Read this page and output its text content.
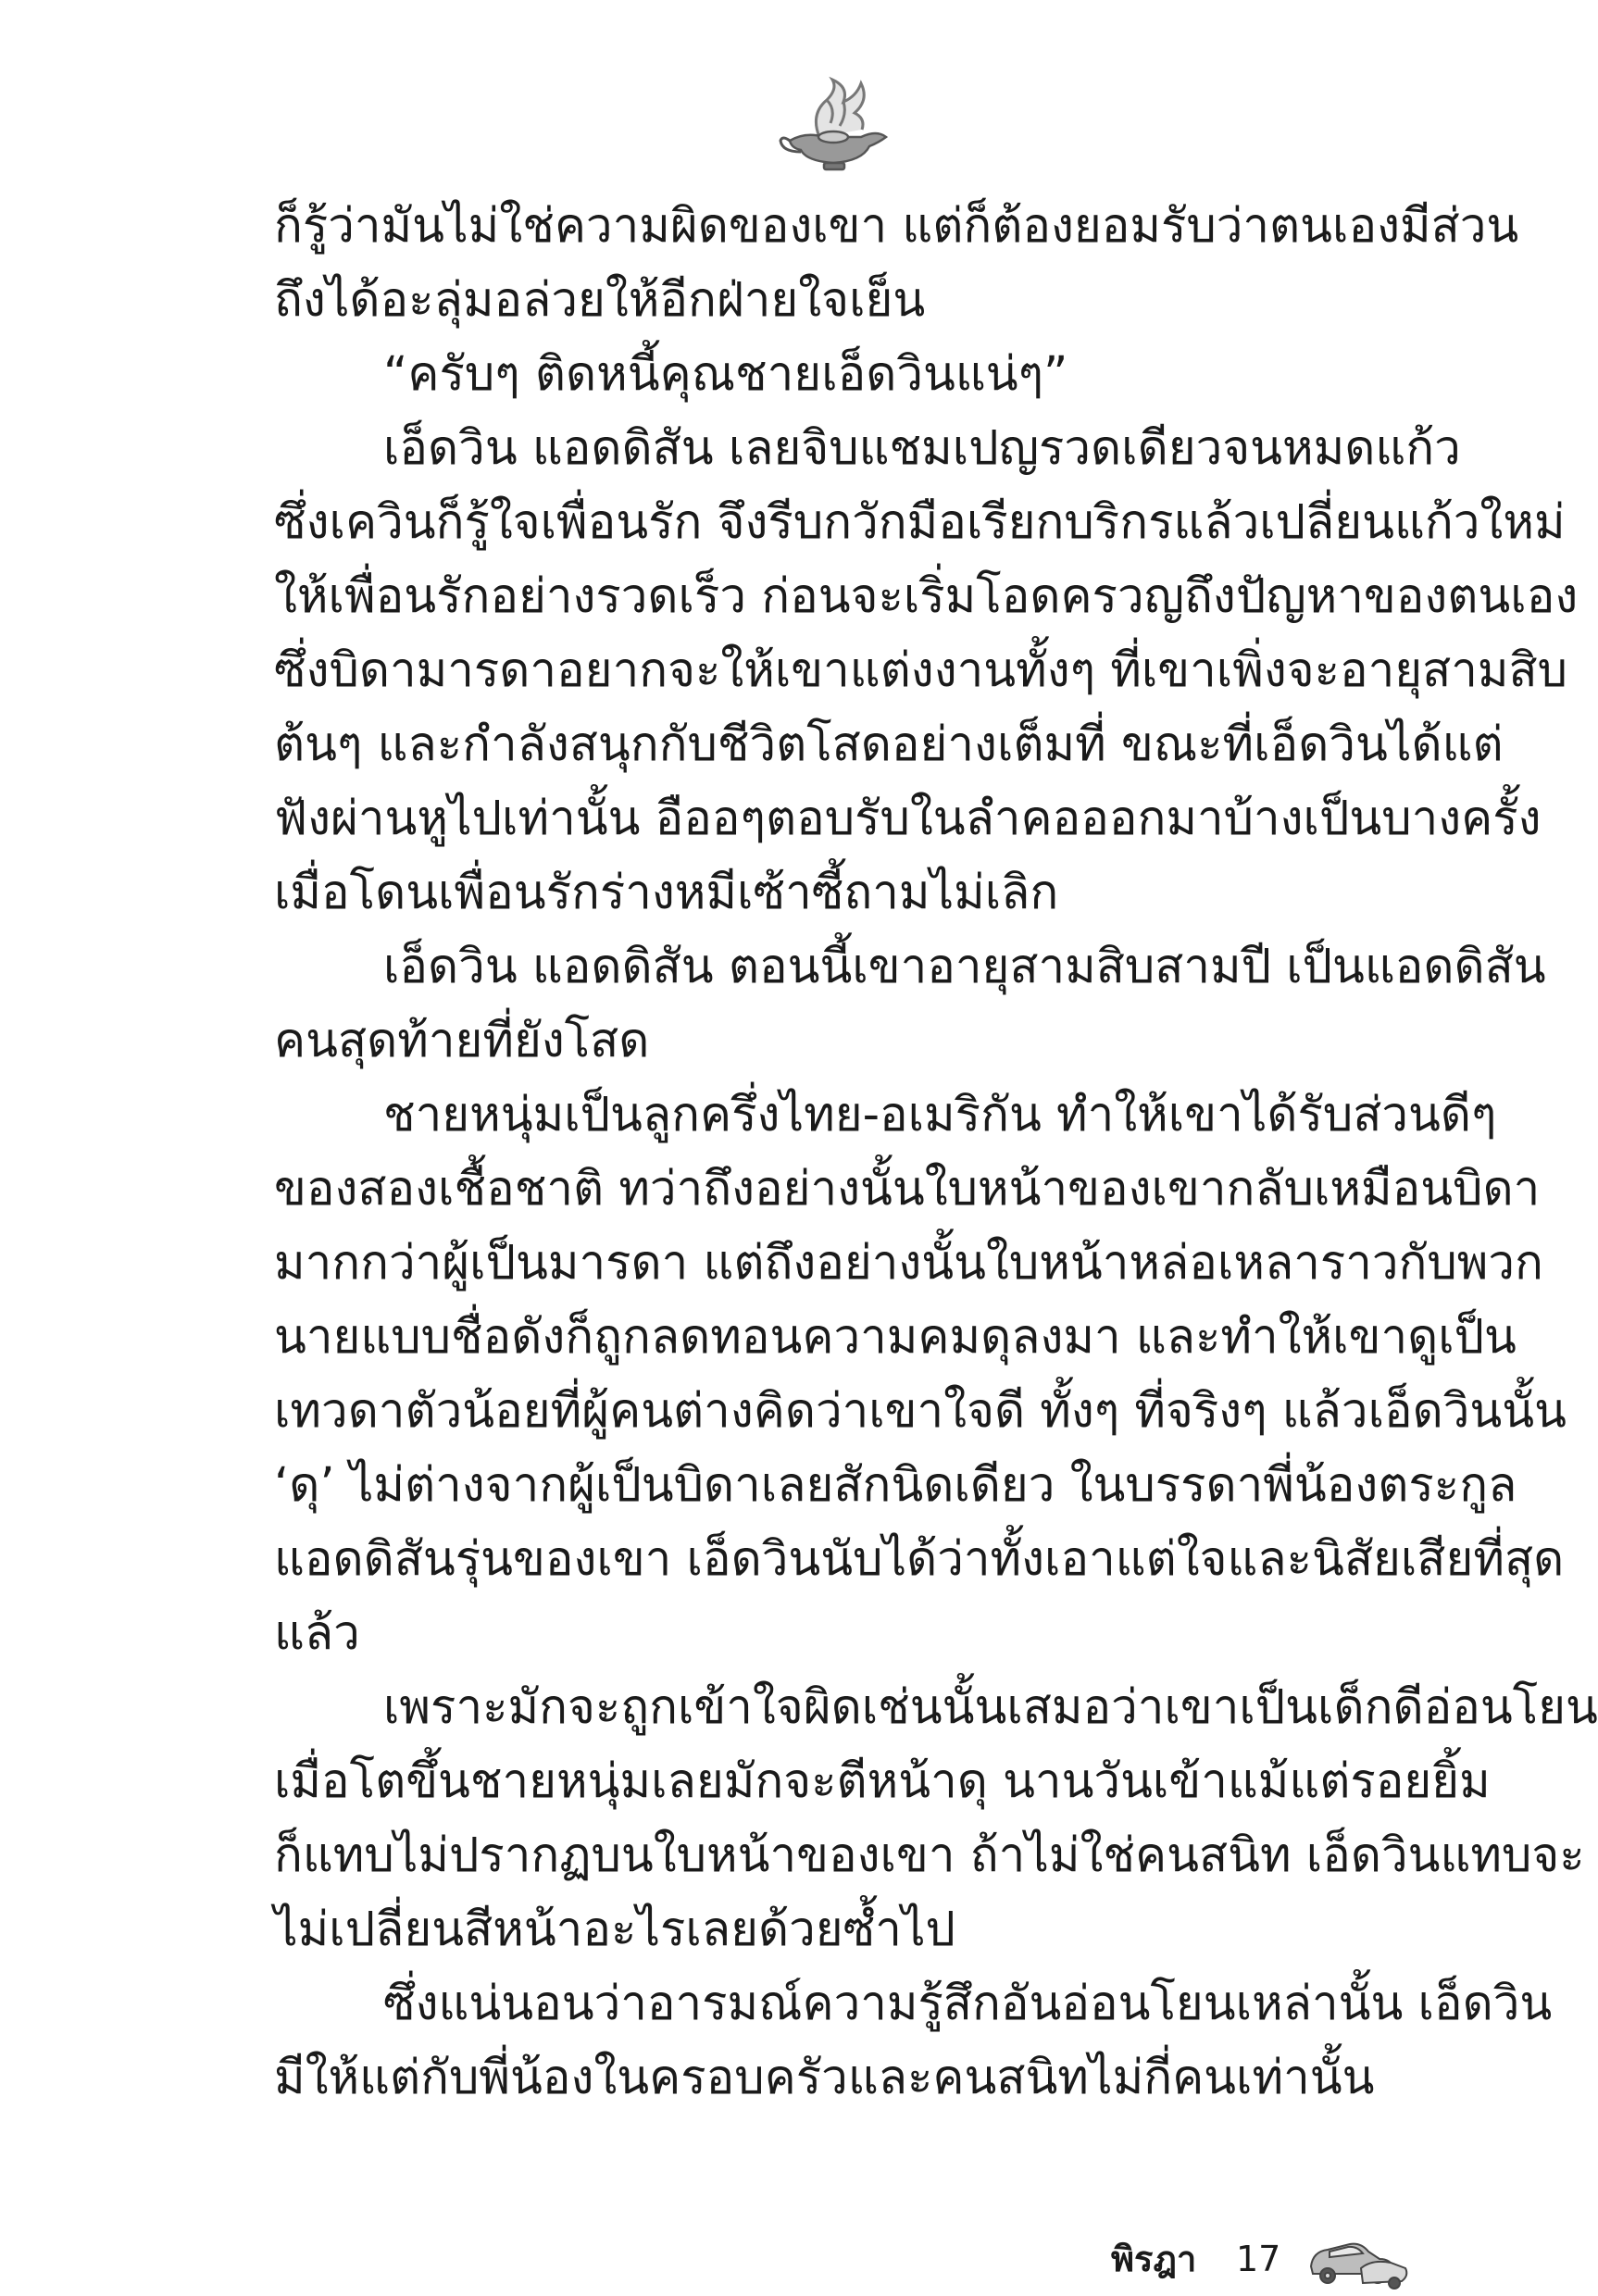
ก็รู้ว่ามันไม่ใช่ความผิดของเขา แต่ก็ต้องยอมรับว่าตนเองมีส่วน
ถึงได้อะลุ่มอล่วยให้อีกฝ่ายใจเย็น
“ครับๆ ติดหนี้คุณชายเอ็ดวินแน่ๆ”
เอ็ดวิน แอดดิสัน เลยจิบแชมเปญรวดเดียวจนหมดแก้ว
ซึ่งเควินก็รู้ใจเพื่อนรัก จึงรีบกวักมือเรียกบริกรแล้วเปลี่ยนแก้วใหม่
ให้เพื่อนรักอย่างรวดเร็ว ก่อนจะเริ่มโอดครวญถึงปัญหาของตนเอง
ซึ่งบิดามารดาอยากจะให้เขาแต่งงานทั้งๆ ที่เขาเพิ่งจะอายุสามสิบ
ต้นๆ และกำลังสนุกกับชีวิตโสดอย่างเต็มที่ ขณะที่เอ็ดวินได้แต่
ฟังผ่านหูไปเท่านั้น อืออๆตอบรับในลำคอออกมาบ้างเป็นบางครั้ง
เมื่อโดนเพื่อนรักร่างหมีเซ้าซี้ถามไม่เลิก
เอ็ดวิน แอดดิสัน ตอนนี้เขาอายุสามสิบสามปี เป็นแอดดิสัน
คนสุดท้ายที่ยังโสด
ชายหนุ่มเป็นลูกครึ่งไทย-อเมริกัน ทำให้เขาได้รับส่วนดีๆ
ของสองเชื้อชาติ ทว่าถึงอย่างนั้นใบหน้าของเขากลับเหมือนบิดา
มากกว่าผู้เป็นมารดา แต่ถึงอย่างนั้นใบหน้าหล่อเหลาราวกับพวก
นายแบบชื่อดังก็ถูกลดทอนความคมดุลงมา และทำให้เขาดูเป็น
เทวดาตัวน้อยที่ผู้คนต่างคิดว่าเขาใจดี ทั้งๆ ที่จริงๆ แล้วเอ็ดวินนั้น
‘ดุ’ ไม่ต่างจากผู้เป็นบิดาเลยสักนิดเดียว ในบรรดาพี่น้องตระกูล
แอดดิสันรุ่นของเขา เอ็ดวินนับได้ว่าทั้งเอาแต่ใจและนิสัยเสียที่สุด
แล้ว
เพราะมักจะถูกเข้าใจผิดเช่นนั้นเสมอว่าเขาเป็นเด็กดีอ่อนโยน
เมื่อโตขึ้นชายหนุ่มเลยมักจะตีหน้าดุ นานวันเข้าแม้แต่รอยยิ้ม
ก็แทบไม่ปรากฏบนใบหน้าของเขา ถ้าไม่ใช่คนสนิท เอ็ดวินแทบจะ
ไม่เปลี่ยนสีหน้าอะไรเลยด้วยซ้ำไป
ซึ่งแน่นอนว่าอารมณ์ความรู้สึกอันอ่อนโยนเหล่านั้น เอ็ดวิน
มีให้แต่กับพี่น้องในครอบครัวและคนสนิทไม่กี่คนเท่านั้น
พิรฎา 17
